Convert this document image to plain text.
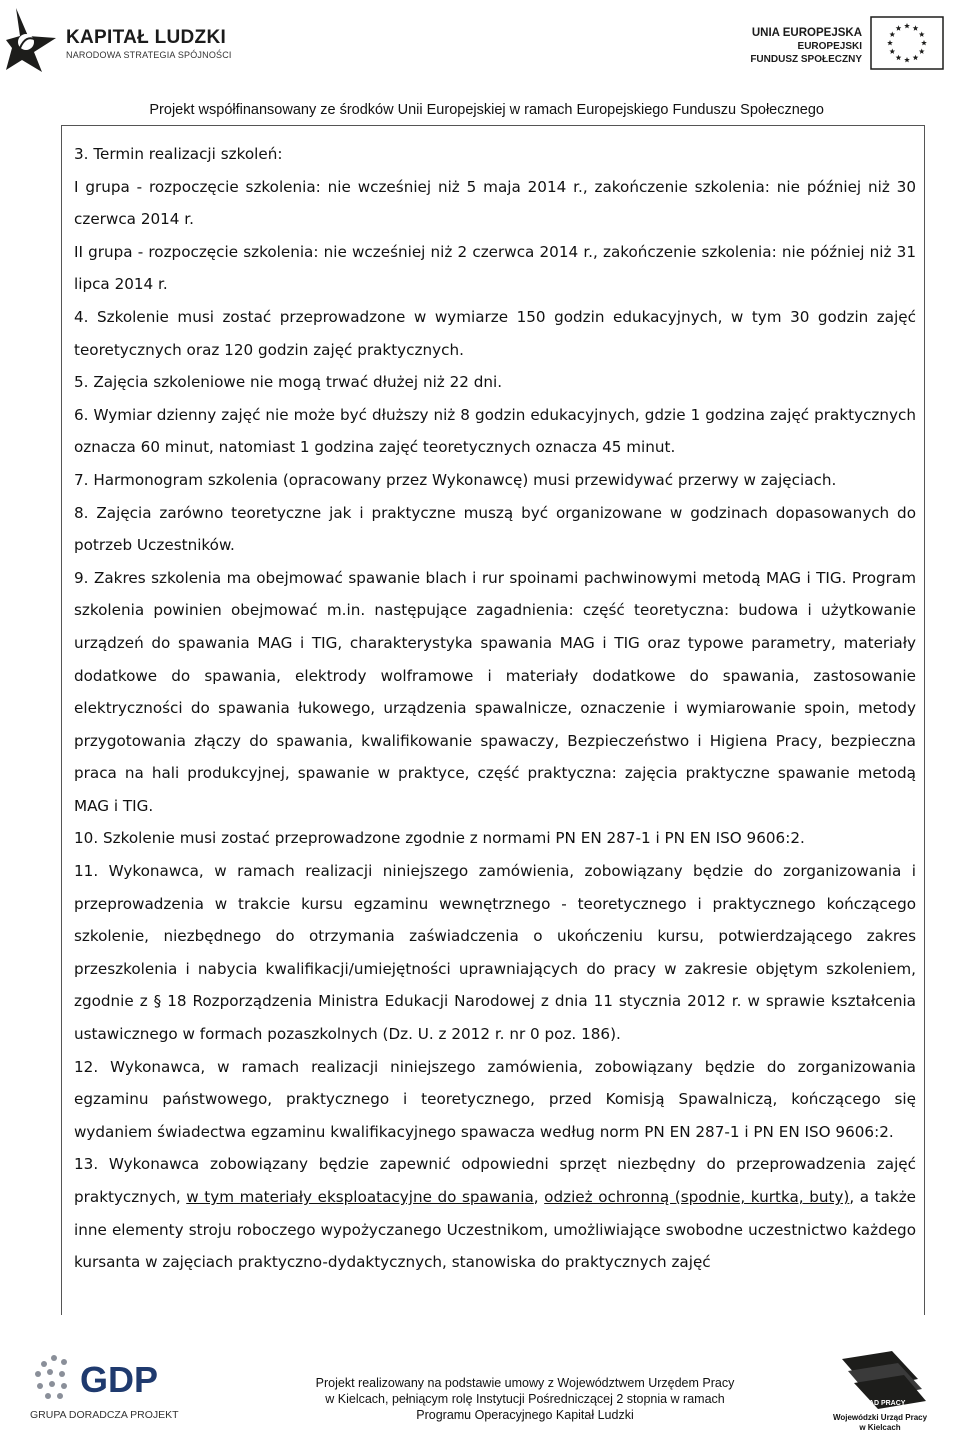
KAPITAŁ LUDZKI
NARODOWA STRATEGIA SPÓJNOŚCI
UNIA EUROPEJSKA
EUROPEJSKI
FUNDUSZ SPOŁECZNY
Projekt współfinansowany ze środków Unii Europejskiej w ramach Europejskiego Funduszu Społecznego

3. Termin realizacji szkoleń:

I grupa - rozpoczęcie szkolenia: nie wcześniej niż 5 maja 2014 r., zakończenie szkolenia: nie później niż 30 czerwca 2014 r.

II grupa - rozpoczęcie szkolenia: nie wcześniej niż 2 czerwca 2014 r., zakończenie szkolenia: nie później niż 31 lipca 2014 r.

4. Szkolenie musi zostać przeprowadzone w wymiarze 150 godzin edukacyjnych, w tym 30 godzin zajęć teoretycznych oraz 120 godzin zajęć praktycznych.

5. Zajęcia szkoleniowe nie mogą trwać dłużej niż 22 dni.

6. Wymiar dzienny zajęć nie może być dłuższy niż 8 godzin edukacyjnych, gdzie 1 godzina zajęć praktycznych oznacza 60 minut, natomiast 1 godzina zajęć teoretycznych oznacza 45 minut.

7. Harmonogram szkolenia (opracowany przez Wykonawcę) musi przewidywać przerwy w zajęciach.

8. Zajęcia zarówno teoretyczne jak i praktyczne muszą być organizowane w godzinach dopasowanych do potrzeb Uczestników.

9. Zakres szkolenia ma obejmować spawanie blach i rur spoinami pachwinowymi metodą MAG i TIG. Program szkolenia powinien obejmować m.in. następujące zagadnienia: część teoretyczna: budowa i użytkowanie urządzeń do spawania MAG i TIG, charakterystyka spawania MAG i TIG oraz typowe parametry, materiały dodatkowe do spawania, elektrody wolframowe i materiały dodatkowe do spawania, zastosowanie elektryczności do spawania łukowego, urządzenia spawalnicze, oznaczenie i wymiarowanie spoin, metody przygotowania złączy do spawania, kwalifikowanie spawaczy, Bezpieczeństwo i Higiena Pracy, bezpieczna praca na hali produkcyjnej, spawanie w praktyce, część praktyczna: zajęcia praktyczne spawanie metodą MAG i TIG.

10. Szkolenie musi zostać przeprowadzone zgodnie z normami PN EN 287-1 i PN EN ISO 9606:2.

11. Wykonawca, w ramach realizacji niniejszego zamówienia, zobowiązany będzie do zorganizowania i przeprowadzenia w trakcie kursu egzaminu wewnętrznego - teoretycznego i praktycznego kończącego szkolenie, niezbędnego do otrzymania zaświadczenia o ukończeniu kursu, potwierdzającego zakres przeszkolenia i nabycia kwalifikacji/umiejętności uprawniających do pracy w zakresie objętym szkoleniem, zgodnie z § 18 Rozporządzenia Ministra Edukacji Narodowej z dnia 11 stycznia 2012 r. w sprawie kształcenia ustawicznego w formach pozaszkolnych (Dz. U. z 2012 r. nr 0 poz. 186).

12. Wykonawca, w ramach realizacji niniejszego zamówienia, zobowiązany będzie do zorganizowania egzaminu państwowego, praktycznego i teoretycznego, przed Komisją Spawalniczą, kończącego się wydaniem świadectwa egzaminu kwalifikacyjnego spawacza według norm PN EN 287-1 i PN EN ISO 9606:2.

13. Wykonawca zobowiązany będzie zapewnić odpowiedni sprzęt niezbędny do przeprowadzenia zajęć praktycznych, w tym materiały eksploatacyjne do spawania, odzież ochronną (spodnie, kurtka, buty), a także inne elementy stroju roboczego wypożyczanego Uczestnikom, umożliwiające swobodne uczestnictwo każdego kursanta w zajęciach praktyczno-dydaktycznych, stanowiska do praktycznych zajęć

GDP
GRUPA DORADCZA PROJEKT
Projekt realizowany na podstawie umowy z Województwem Urzędem Pracy
w Kielcach, pełniącym rolę Instytucji Pośredniczącej 2 stopnia w ramach
Programu Operacyjnego Kapitał Ludzki
URZĄD PRACY
Wojewódzki Urząd Pracy
w Kielcach
